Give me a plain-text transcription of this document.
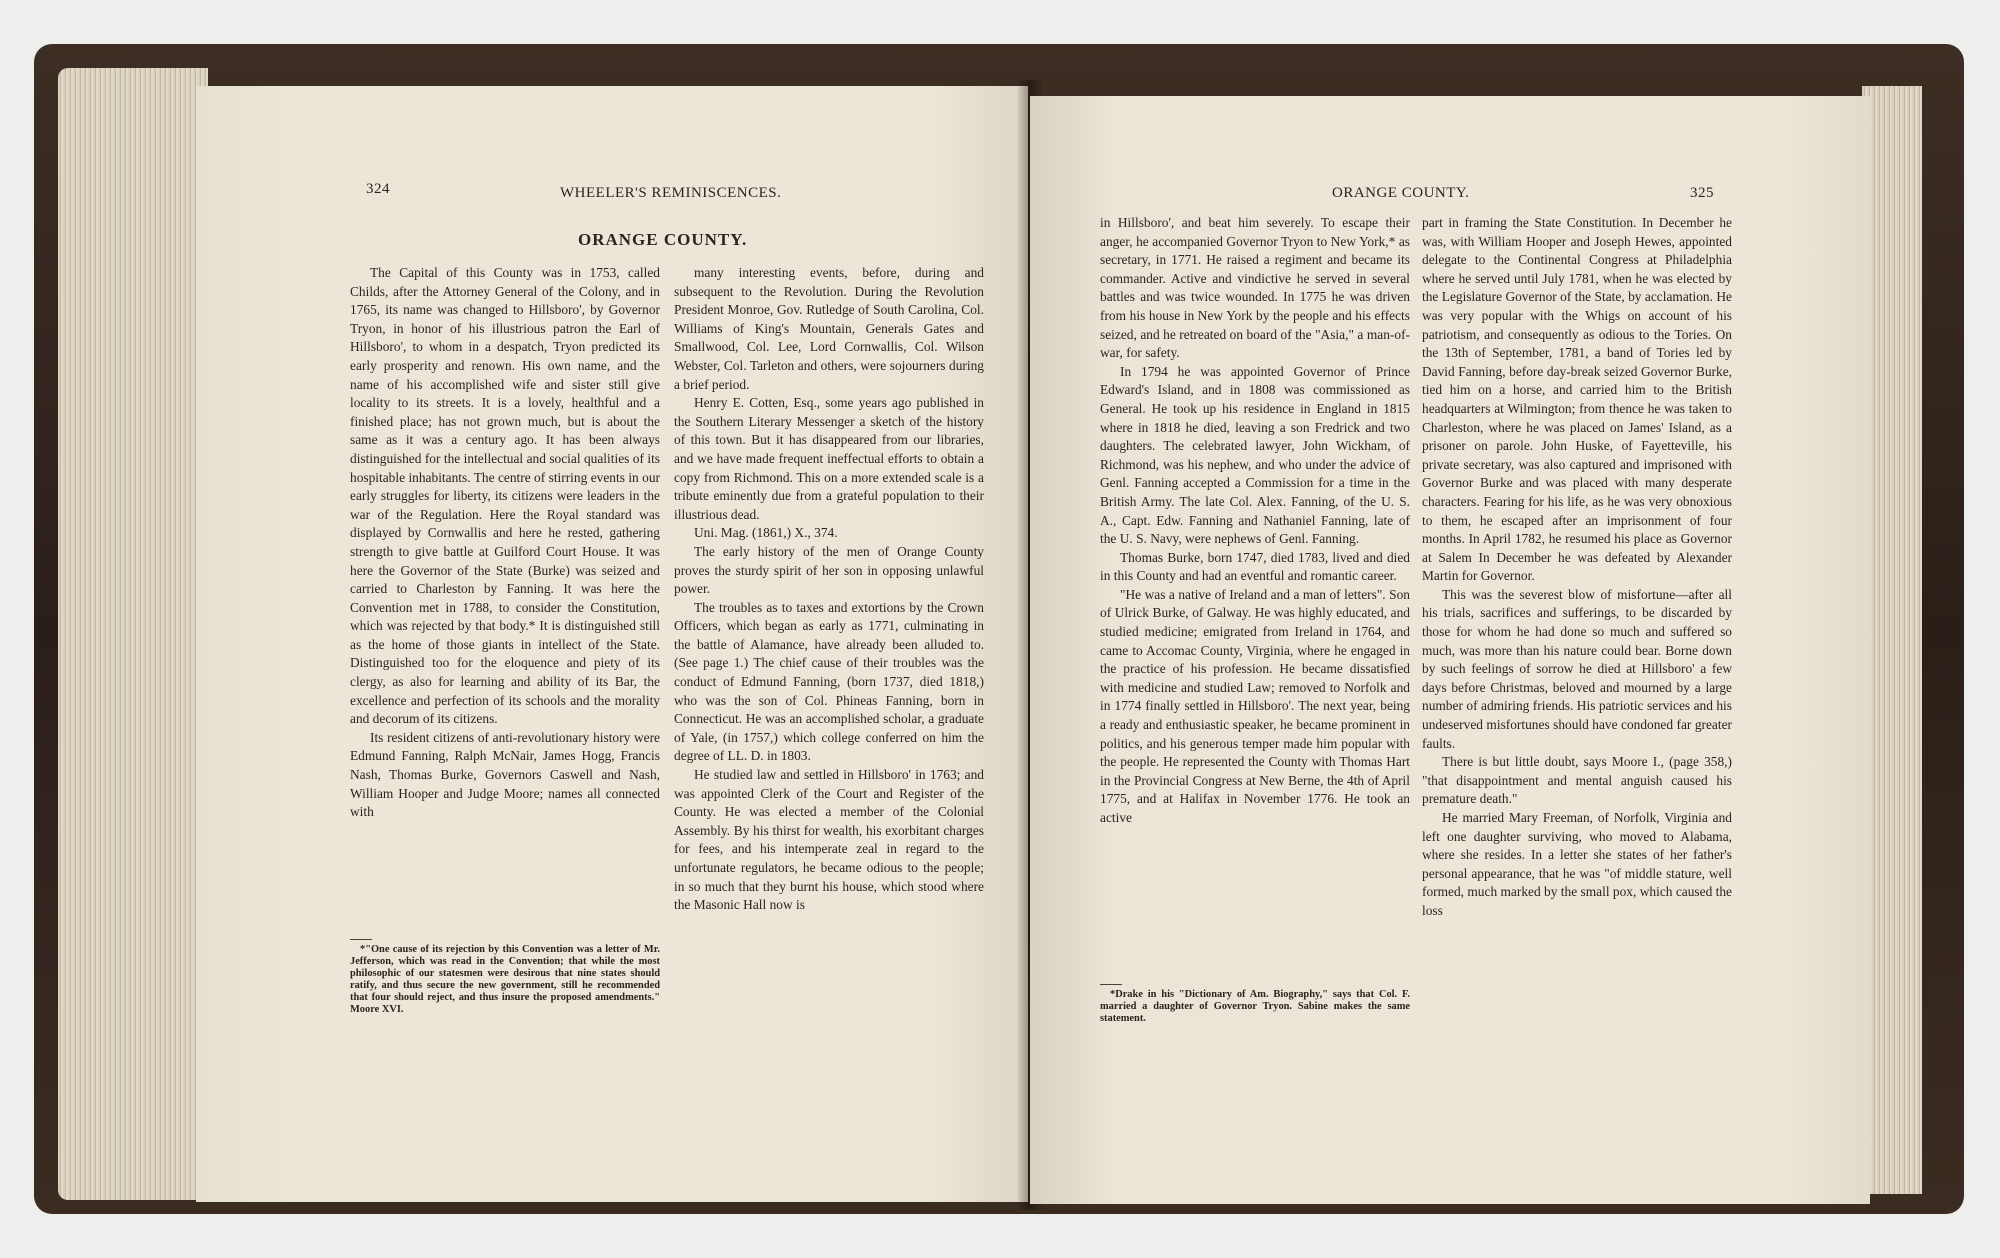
324	WHEELER'S REMINISCENCES.
ORANGE COUNTY.

The Capital of this County was in 1753, called Childs, after the Attorney General of the Colony, and in 1765, its name was changed to Hillsboro', by Governor Tryon, in honor of his illustrious patron the Earl of Hillsboro', to whom in a despatch, Tryon predicted its early prosperity and renown. His own name, and the name of his accomplished wife and sister still give locality to its streets. It is a lovely, healthful and a finished place; has not grown much, but is about the same as it was a century ago. It has been always distinguished for the intellectual and social qualities of its hospitable inhabitants. The centre of stirring events in our early struggles for liberty, its citizens were leaders in the war of the Regulation. Here the Royal standard was displayed by Cornwallis and here he rested, gathering strength to give battle at Guilford Court House. It was here the Governor of the State (Burke) was seized and carried to Charleston by Fanning. It was here the Convention met in 1788, to consider the Constitution, which was rejected by that body.* It is distinguished still as the home of those giants in intellect of the State. Distinguished too for the eloquence and piety of its clergy, as also for learning and ability of its Bar, the excellence and perfection of its schools and the morality and decorum of its citizens.

Its resident citizens of anti-revolutionary history were Edmund Fanning, Ralph McNair, James Hogg, Francis Nash, Thomas Burke, Governors Caswell and Nash, William Hooper and Judge Moore; names all connected with

*"One cause of its rejection by this Convention was a letter of Mr. Jefferson, which was read in the Convention; that while the most philosophic of our statesmen were desirous that nine states should ratify, and thus secure the new government, still he recommended that four should reject, and thus insure the proposed amendments." Moore XVI.

many interesting events, before, during and subsequent to the Revolution. During the Revolution President Monroe, Gov. Rutledge of South Carolina, Col. Williams of King's Mountain, Generals Gates and Smallwood, Col. Lee, Lord Cornwallis, Col. Wilson Webster, Col. Tarleton and others, were sojourners during a brief period.

Henry E. Cotten, Esq., some years ago published in the Southern Literary Messenger a sketch of the history of this town. But it has disappeared from our libraries, and we have made frequent ineffectual efforts to obtain a copy from Richmond. This on a more extended scale is a tribute eminently due from a grateful population to their illustrious dead.

Uni. Mag. (1861,) X., 374.

The early history of the men of Orange County proves the sturdy spirit of her son in opposing unlawful power.

The troubles as to taxes and extortions by the Crown Officers, which began as early as 1771, culminating in the battle of Alamance, have already been alluded to. (See page 1.) The chief cause of their troubles was the conduct of Edmund Fanning, (born 1737, died 1818,) who was the son of Col. Phineas Fanning, born in Connecticut. He was an accomplished scholar, a graduate of Yale, (in 1757,) which college conferred on him the degree of LL. D. in 1803.

He studied law and settled in Hillsboro' in 1763; and was appointed Clerk of the Court and Register of the County. He was elected a member of the Colonial Assembly. By his thirst for wealth, his exorbitant charges for fees, and his intemperate zeal in regard to the unfortunate regulators, he became odious to the people; in so much that they burnt his house, which stood where the Masonic Hall now is

ORANGE COUNTY.	325

in Hillsboro', and beat him severely. To escape their anger, he accompanied Governor Tryon to New York,* as secretary, in 1771. He raised a regiment and became its commander. Active and vindictive he served in several battles and was twice wounded. In 1775 he was driven from his house in New York by the people and his effects seized, and he retreated on board of the "Asia," a man-of-war, for safety.

In 1794 he was appointed Governor of Prince Edward's Island, and in 1808 was commissioned as General. He took up his residence in England in 1815 where in 1818 he died, leaving a son Fredrick and two daughters. The celebrated lawyer, John Wickham, of Richmond, was his nephew, and who under the advice of Genl. Fanning accepted a Commission for a time in the British Army. The late Col. Alex. Fanning, of the U. S. A., Capt. Edw. Fanning and Nathaniel Fanning, late of the U. S. Navy, were nephews of Genl. Fanning.

Thomas Burke, born 1747, died 1783, lived and died in this County and had an eventful and romantic career.

"He was a native of Ireland and a man of letters". Son of Ulrick Burke, of Galway. He was highly educated, and studied medicine; emigrated from Ireland in 1764, and came to Accomac County, Virginia, where he engaged in the practice of his profession. He became dissatisfied with medicine and studied Law; removed to Norfolk and in 1774 finally settled in Hillsboro'. The next year, being a ready and enthusiastic speaker, he became prominent in politics, and his generous temper made him popular with the people. He represented the County with Thomas Hart in the Provincial Congress at New Berne, the 4th of April 1775, and at Halifax in November 1776. He took an active

*Drake in his "Dictionary of Am. Biography," says that Col. F. married a daughter of Governor Tryon. Sabine makes the same statement.

part in framing the State Constitution. In December he was, with William Hooper and Joseph Hewes, appointed delegate to the Continental Congress at Philadelphia where he served until July 1781, when he was elected by the Legislature Governor of the State, by acclamation. He was very popular with the Whigs on account of his patriotism, and consequently as odious to the Tories. On the 13th of September, 1781, a band of Tories led by David Fanning, before day-break seized Governor Burke, tied him on a horse, and carried him to the British headquarters at Wilmington; from thence he was taken to Charleston, where he was placed on James' Island, as a prisoner on parole. John Huske, of Fayetteville, his private secretary, was also captured and imprisoned with Governor Burke and was placed with many desperate characters. Fearing for his life, as he was very obnoxious to them, he escaped after an imprisonment of four months. In April 1782, he resumed his place as Governor at Salem In December he was defeated by Alexander Martin for Governor.

This was the severest blow of misfortune—after all his trials, sacrifices and sufferings, to be discarded by those for whom he had done so much and suffered so much, was more than his nature could bear. Borne down by such feelings of sorrow he died at Hillsboro' a few days before Christmas, beloved and mourned by a large number of admiring friends. His patriotic services and his undeserved misfortunes should have condoned far greater faults.

There is but little doubt, says Moore I., (page 358,) "that disappointment and mental anguish caused his premature death."

He married Mary Freeman, of Norfolk, Virginia and left one daughter surviving, who moved to Alabama, where she resides. In a letter she states of her father's personal appearance, that he was "of middle stature, well formed, much marked by the small pox, which caused the loss
